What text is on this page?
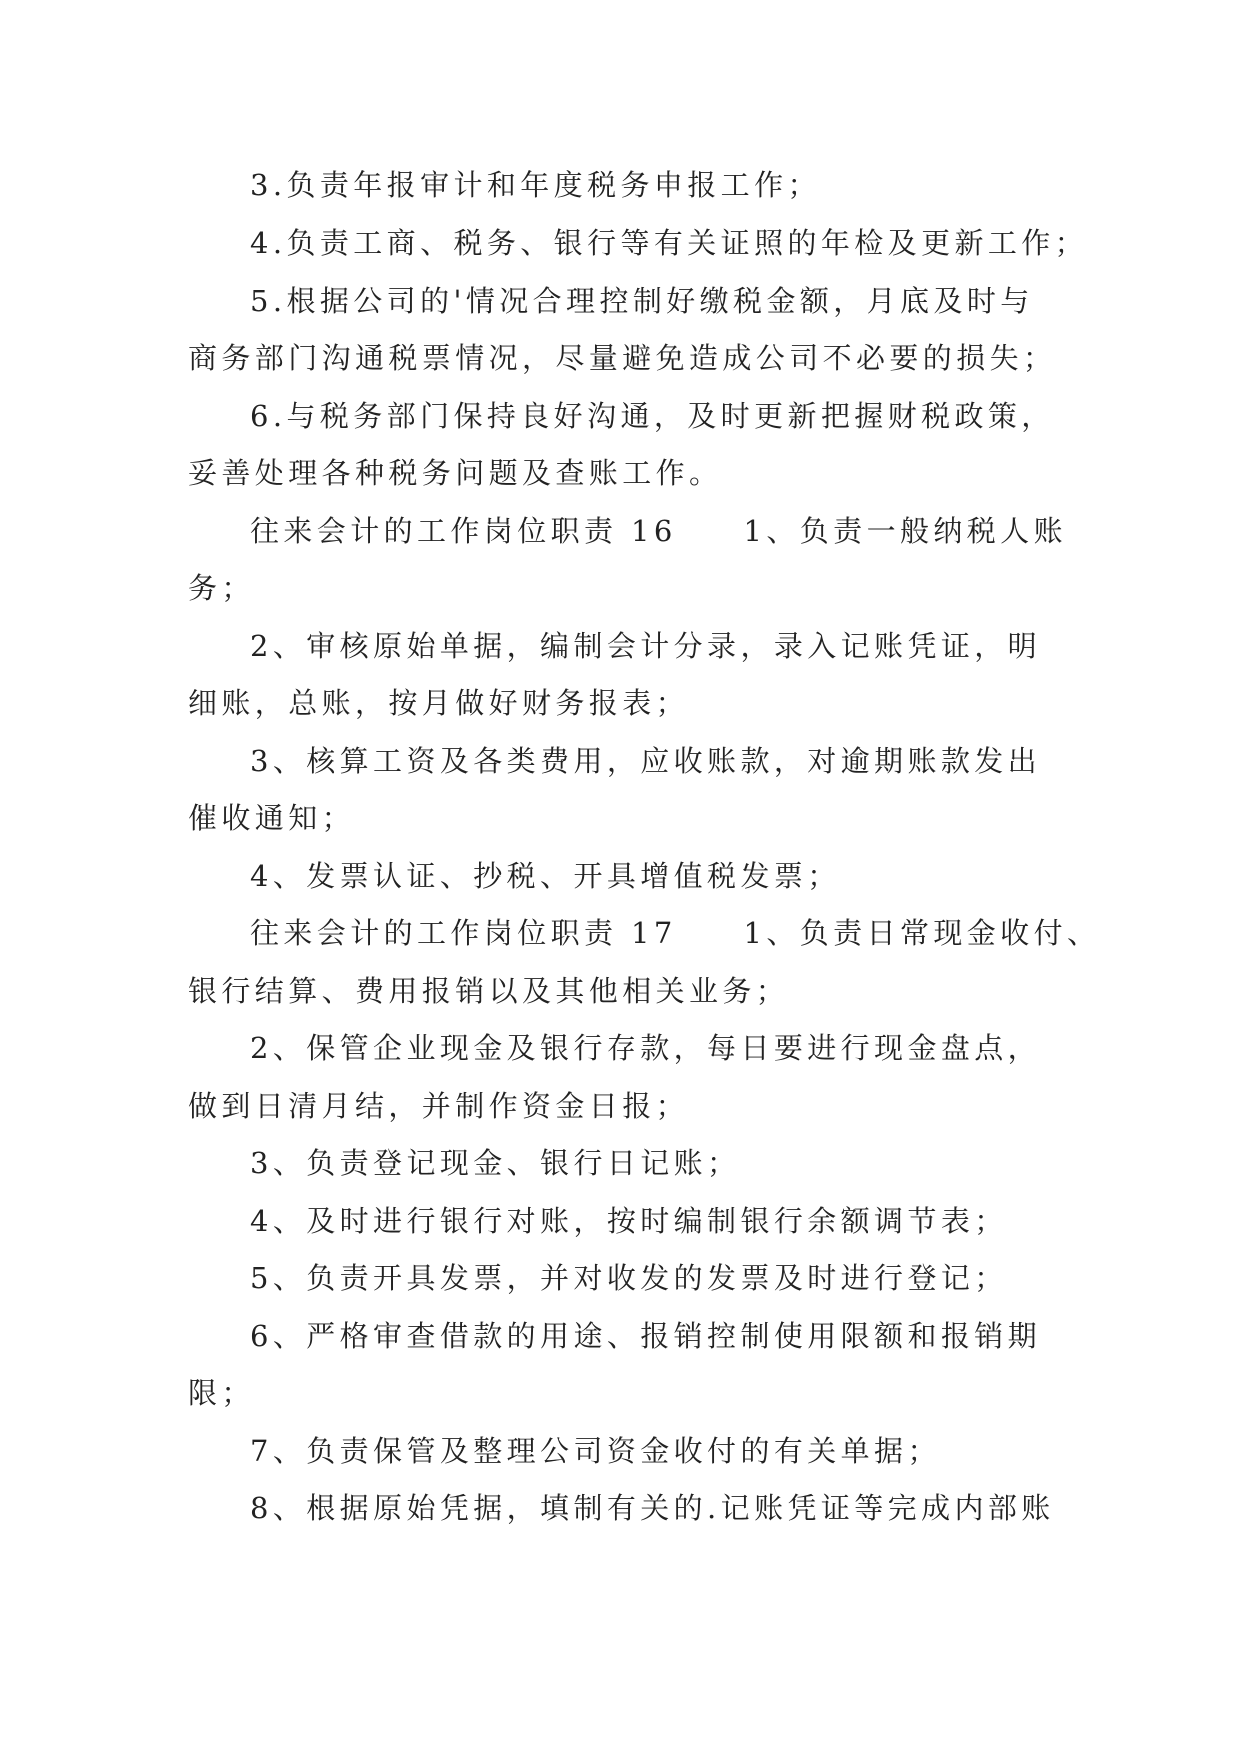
3.负责年报审计和年度税务申报工作；
4.负责工商、税务、银行等有关证照的年检及更新工作；
5.根据公司的'情况合理控制好缴税金额，月底及时与
商务部门沟通税票情况，尽量避免造成公司不必要的损失；
6.与税务部门保持良好沟通，及时更新把握财税政策，
妥善处理各种税务问题及查账工作。
往来会计的工作岗位职责 16　　1、负责一般纳税人账
务；
2、审核原始单据，编制会计分录，录入记账凭证，明
细账，总账，按月做好财务报表；
3、核算工资及各类费用，应收账款，对逾期账款发出
催收通知；
4、发票认证、抄税、开具增值税发票；
往来会计的工作岗位职责 17　　1、负责日常现金收付、
银行结算、费用报销以及其他相关业务；
2、保管企业现金及银行存款，每日要进行现金盘点，
做到日清月结，并制作资金日报；
3、负责登记现金、银行日记账；
4、及时进行银行对账，按时编制银行余额调节表；
5、负责开具发票，并对收发的发票及时进行登记；
6、严格审查借款的用途、报销控制使用限额和报销期
限；
7、负责保管及整理公司资金收付的有关单据；
8、根据原始凭据，填制有关的.记账凭证等完成内部账
